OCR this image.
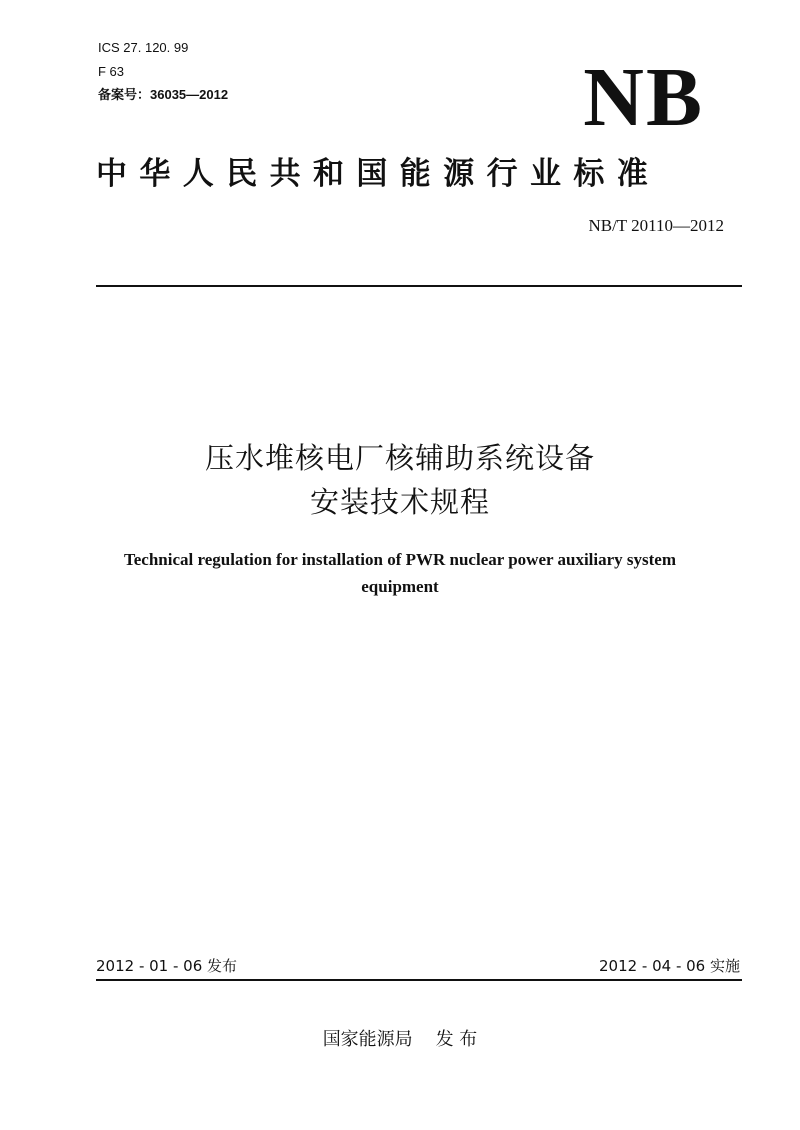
ICS 27. 120. 99
F 63
备案号：36035—2012	NB
中华人民共和国能源行业标准
NB/T 20110—2012
压水堆核电厂核辅助系统设备
安装技术规程
Technical regulation for installation of PWR nuclear power auxiliary system
equipment
2012 - 01 - 06 发布	2012 - 04 - 06 实施
国家能源局    发 布
